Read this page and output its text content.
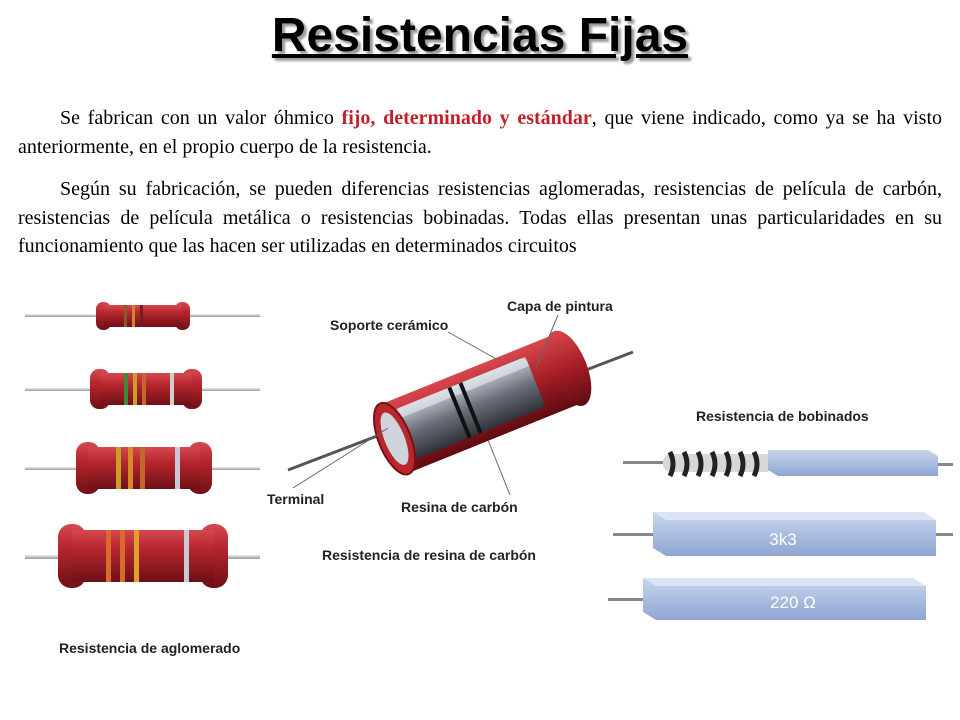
Resistencias Fijas

Se fabrican con un valor óhmico fijo, determinado y estándar, que viene indicado, como ya se ha visto anteriormente, en el propio cuerpo de la resistencia.

Según su fabricación, se pueden diferencias resistencias aglomeradas, resistencias de película de carbón, resistencias de película metálica o resistencias bobinadas. Todas ellas presentan unas particularidades en su funcionamiento que las hacen ser utilizadas en determinados circuitos

Resistencia de aglomerado
Capa de pintura
Soporte cerámico
Terminal	Resina de carbón
Resistencia de resina de carbón
Resistencia de bobinados
3k3
220 Ω
